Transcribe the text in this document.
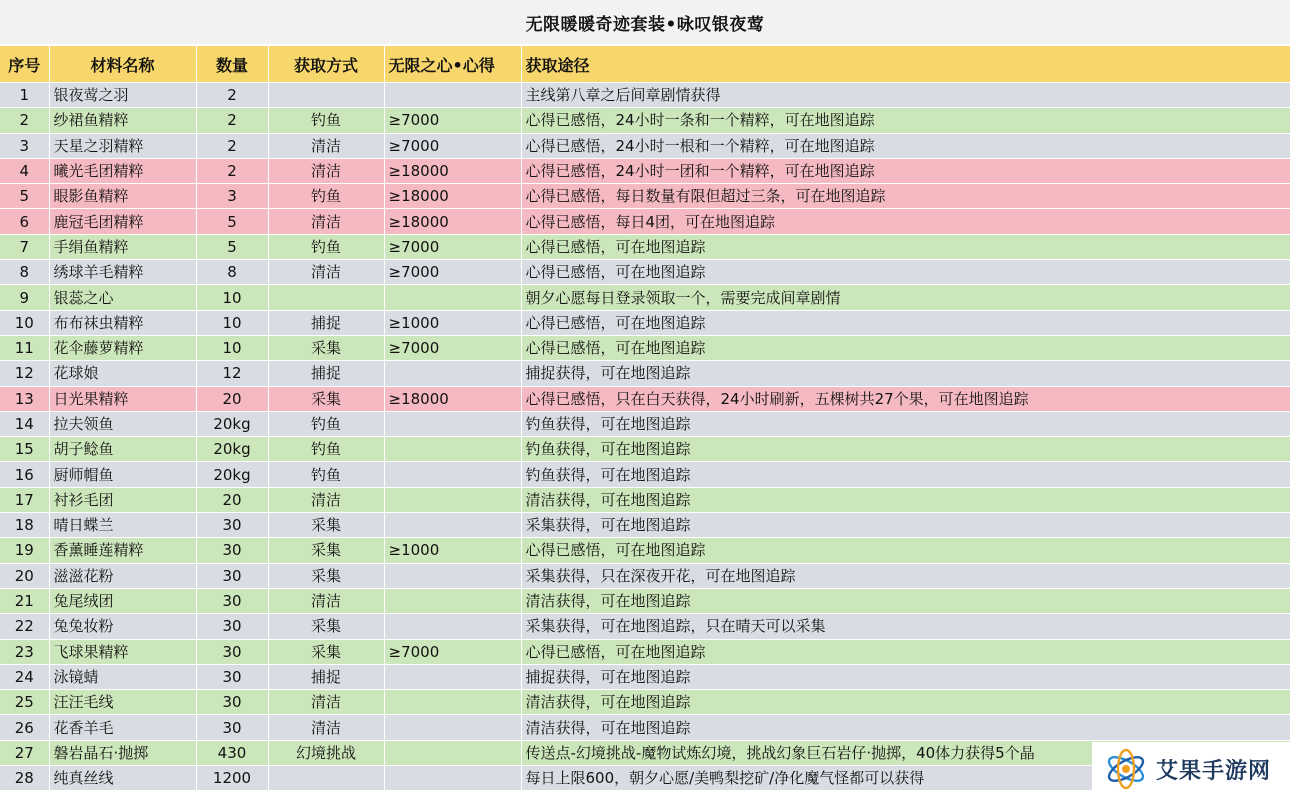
无限暖暖奇迹套装•咏叹银夜莺
序号	材料名称	数量	获取方式	无限之心•心得	获取途径
1	银夜莺之羽	2			主线第八章之后间章剧情获得
2	纱裙鱼精粹	2	钓鱼	≥7000	心得已感悟，24小时一条和一个精粹，可在地图追踪
3	天星之羽精粹	2	清洁	≥7000	心得已感悟，24小时一根和一个精粹，可在地图追踪
4	曦光毛团精粹	2	清洁	≥18000	心得已感悟，24小时一团和一个精粹，可在地图追踪
5	眼影鱼精粹	3	钓鱼	≥18000	心得已感悟，每日数量有限但超过三条，可在地图追踪
6	鹿冠毛团精粹	5	清洁	≥18000	心得已感悟，每日4团，可在地图追踪
7	手绢鱼精粹	5	钓鱼	≥7000	心得已感悟，可在地图追踪
8	绣球羊毛精粹	8	清洁	≥7000	心得已感悟，可在地图追踪
9	银蕊之心	10			朝夕心愿每日登录领取一个，需要完成间章剧情
10	布布袜虫精粹	10	捕捉	≥1000	心得已感悟，可在地图追踪
11	花伞藤萝精粹	10	采集	≥7000	心得已感悟，可在地图追踪
12	花球娘	12	捕捉		捕捉获得，可在地图追踪
13	日光果精粹	20	采集	≥18000	心得已感悟，只在白天获得，24小时刷新，五棵树共27个果，可在地图追踪
14	拉夫领鱼	20kg	钓鱼		钓鱼获得，可在地图追踪
15	胡子鲶鱼	20kg	钓鱼		钓鱼获得，可在地图追踪
16	厨师帽鱼	20kg	钓鱼		钓鱼获得，可在地图追踪
17	衬衫毛团	20	清洁		清洁获得，可在地图追踪
18	晴日蝶兰	30	采集		采集获得，可在地图追踪
19	香薰睡莲精粹	30	采集	≥1000	心得已感悟，可在地图追踪
20	滋滋花粉	30	采集		采集获得，只在深夜开花，可在地图追踪
21	兔尾绒团	30	清洁		清洁获得，可在地图追踪
22	兔兔妆粉	30	采集		采集获得，可在地图追踪，只在晴天可以采集
23	飞球果精粹	30	采集	≥7000	心得已感悟，可在地图追踪
24	泳镜蜻	30	捕捉		捕捉获得，可在地图追踪
25	汪汪毛线	30	清洁		清洁获得，可在地图追踪
26	花香羊毛	30	清洁		清洁获得，可在地图追踪
27	磐岩晶石·抛掷	430	幻境挑战		传送点-幻境挑战-魔物试炼幻境，挑战幻象巨石岩仔·抛掷，40体力获得5个晶
28	纯真丝线	1200			每日上限600，朝夕心愿/美鸭梨挖矿/净化魔气怪都可以获得	艾果手游网
